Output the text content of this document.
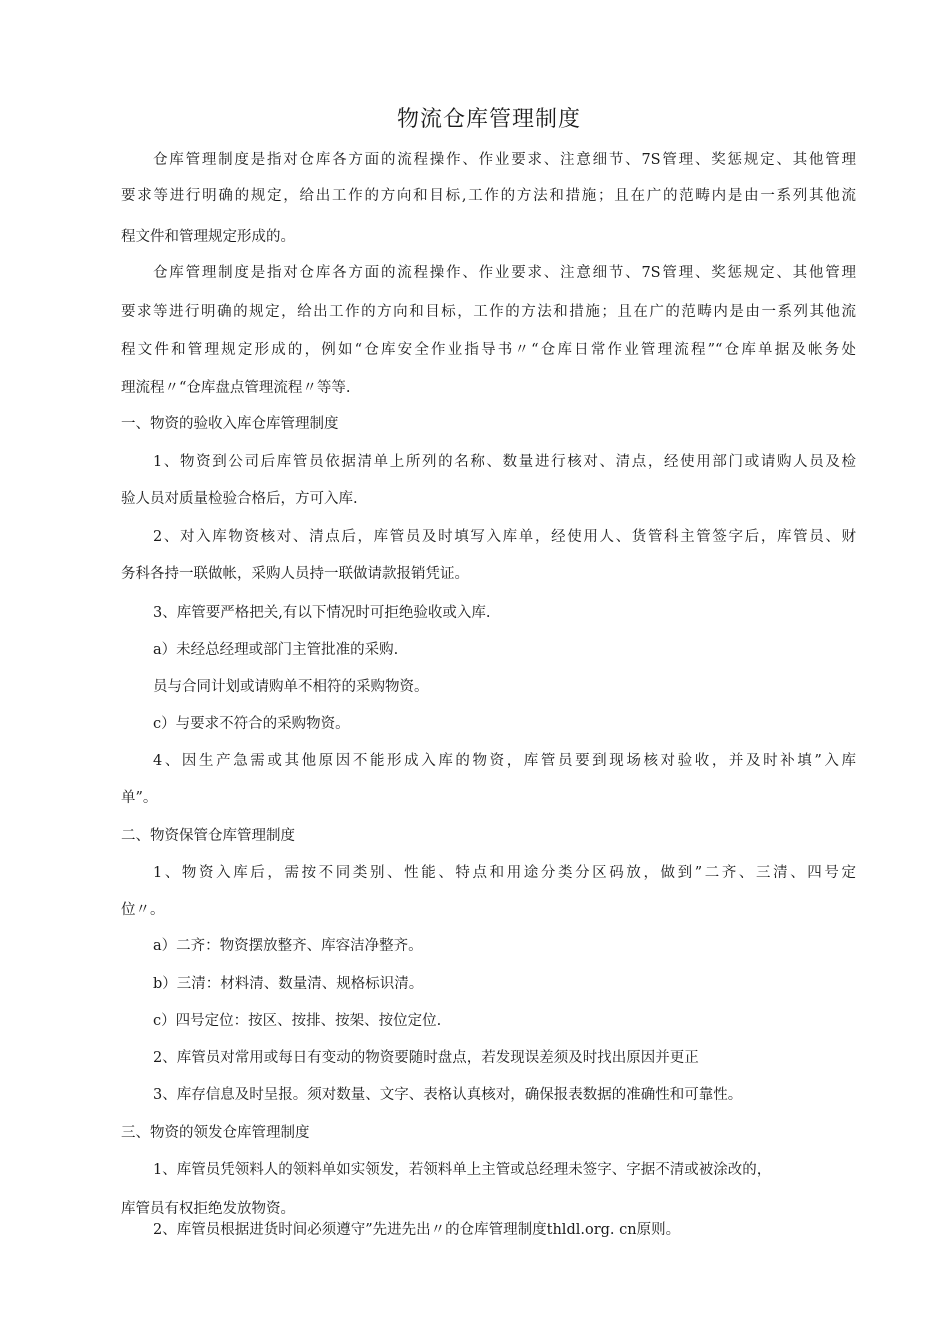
物流仓库管理制度
仓库管理制度是指对仓库各方面的流程操作、作业要求、注意细节、7S管理、奖惩规定、其他管理
要求等进行明确的规定，给出工作的方向和目标,工作的方法和措施；且在广的范畴内是由一系列其他流
程文件和管理规定形成的。
仓库管理制度是指对仓库各方面的流程操作、作业要求、注意细节、7S管理、奖惩规定、其他管理
要求等进行明确的规定，给出工作的方向和目标，工作的方法和措施；且在广的范畴内是由一系列其他流
程文件和管理规定形成的，例如“仓库安全作业指导书〃“仓库日常作业管理流程”“仓库单据及帐务处
理流程〃“仓库盘点管理流程〃等等.
一、物资的验收入库仓库管理制度
1、物资到公司后库管员依据清单上所列的名称、数量进行核对、清点，经使用部门或请购人员及检
验人员对质量检验合格后，方可入库.
2、对入库物资核对、清点后，库管员及时填写入库单，经使用人、货管科主管签字后，库管员、财
务科各持一联做帐，采购人员持一联做请款报销凭证。
3、库管要严格把关,有以下情况时可拒绝验收或入库.
a）未经总经理或部门主管批准的采购.
员与合同计划或请购单不相符的采购物资。
c）与要求不符合的采购物资。
4、因生产急需或其他原因不能形成入库的物资，库管员要到现场核对验收，并及时补填”入库
单”。
二、物资保管仓库管理制度
1、物资入库后，需按不同类别、性能、特点和用途分类分区码放，做到”二齐、三清、四号定
位〃。
a）二齐：物资摆放整齐、库容洁净整齐。
b）三清：材料清、数量清、规格标识清。
c）四号定位：按区、按排、按架、按位定位.
2、库管员对常用或每日有变动的物资要随时盘点，若发现误差须及时找出原因并更正
3、库存信息及时呈报。须对数量、文字、表格认真核对，确保报表数据的准确性和可靠性。
三、物资的领发仓库管理制度
1、库管员凭领料人的领料单如实领发，若领料单上主管或总经理未签字、字据不清或被涂改的，
库管员有权拒绝发放物资。
2、库管员根据进货时间必须遵守”先进先出〃的仓库管理制度thldl.org. cn原则。
